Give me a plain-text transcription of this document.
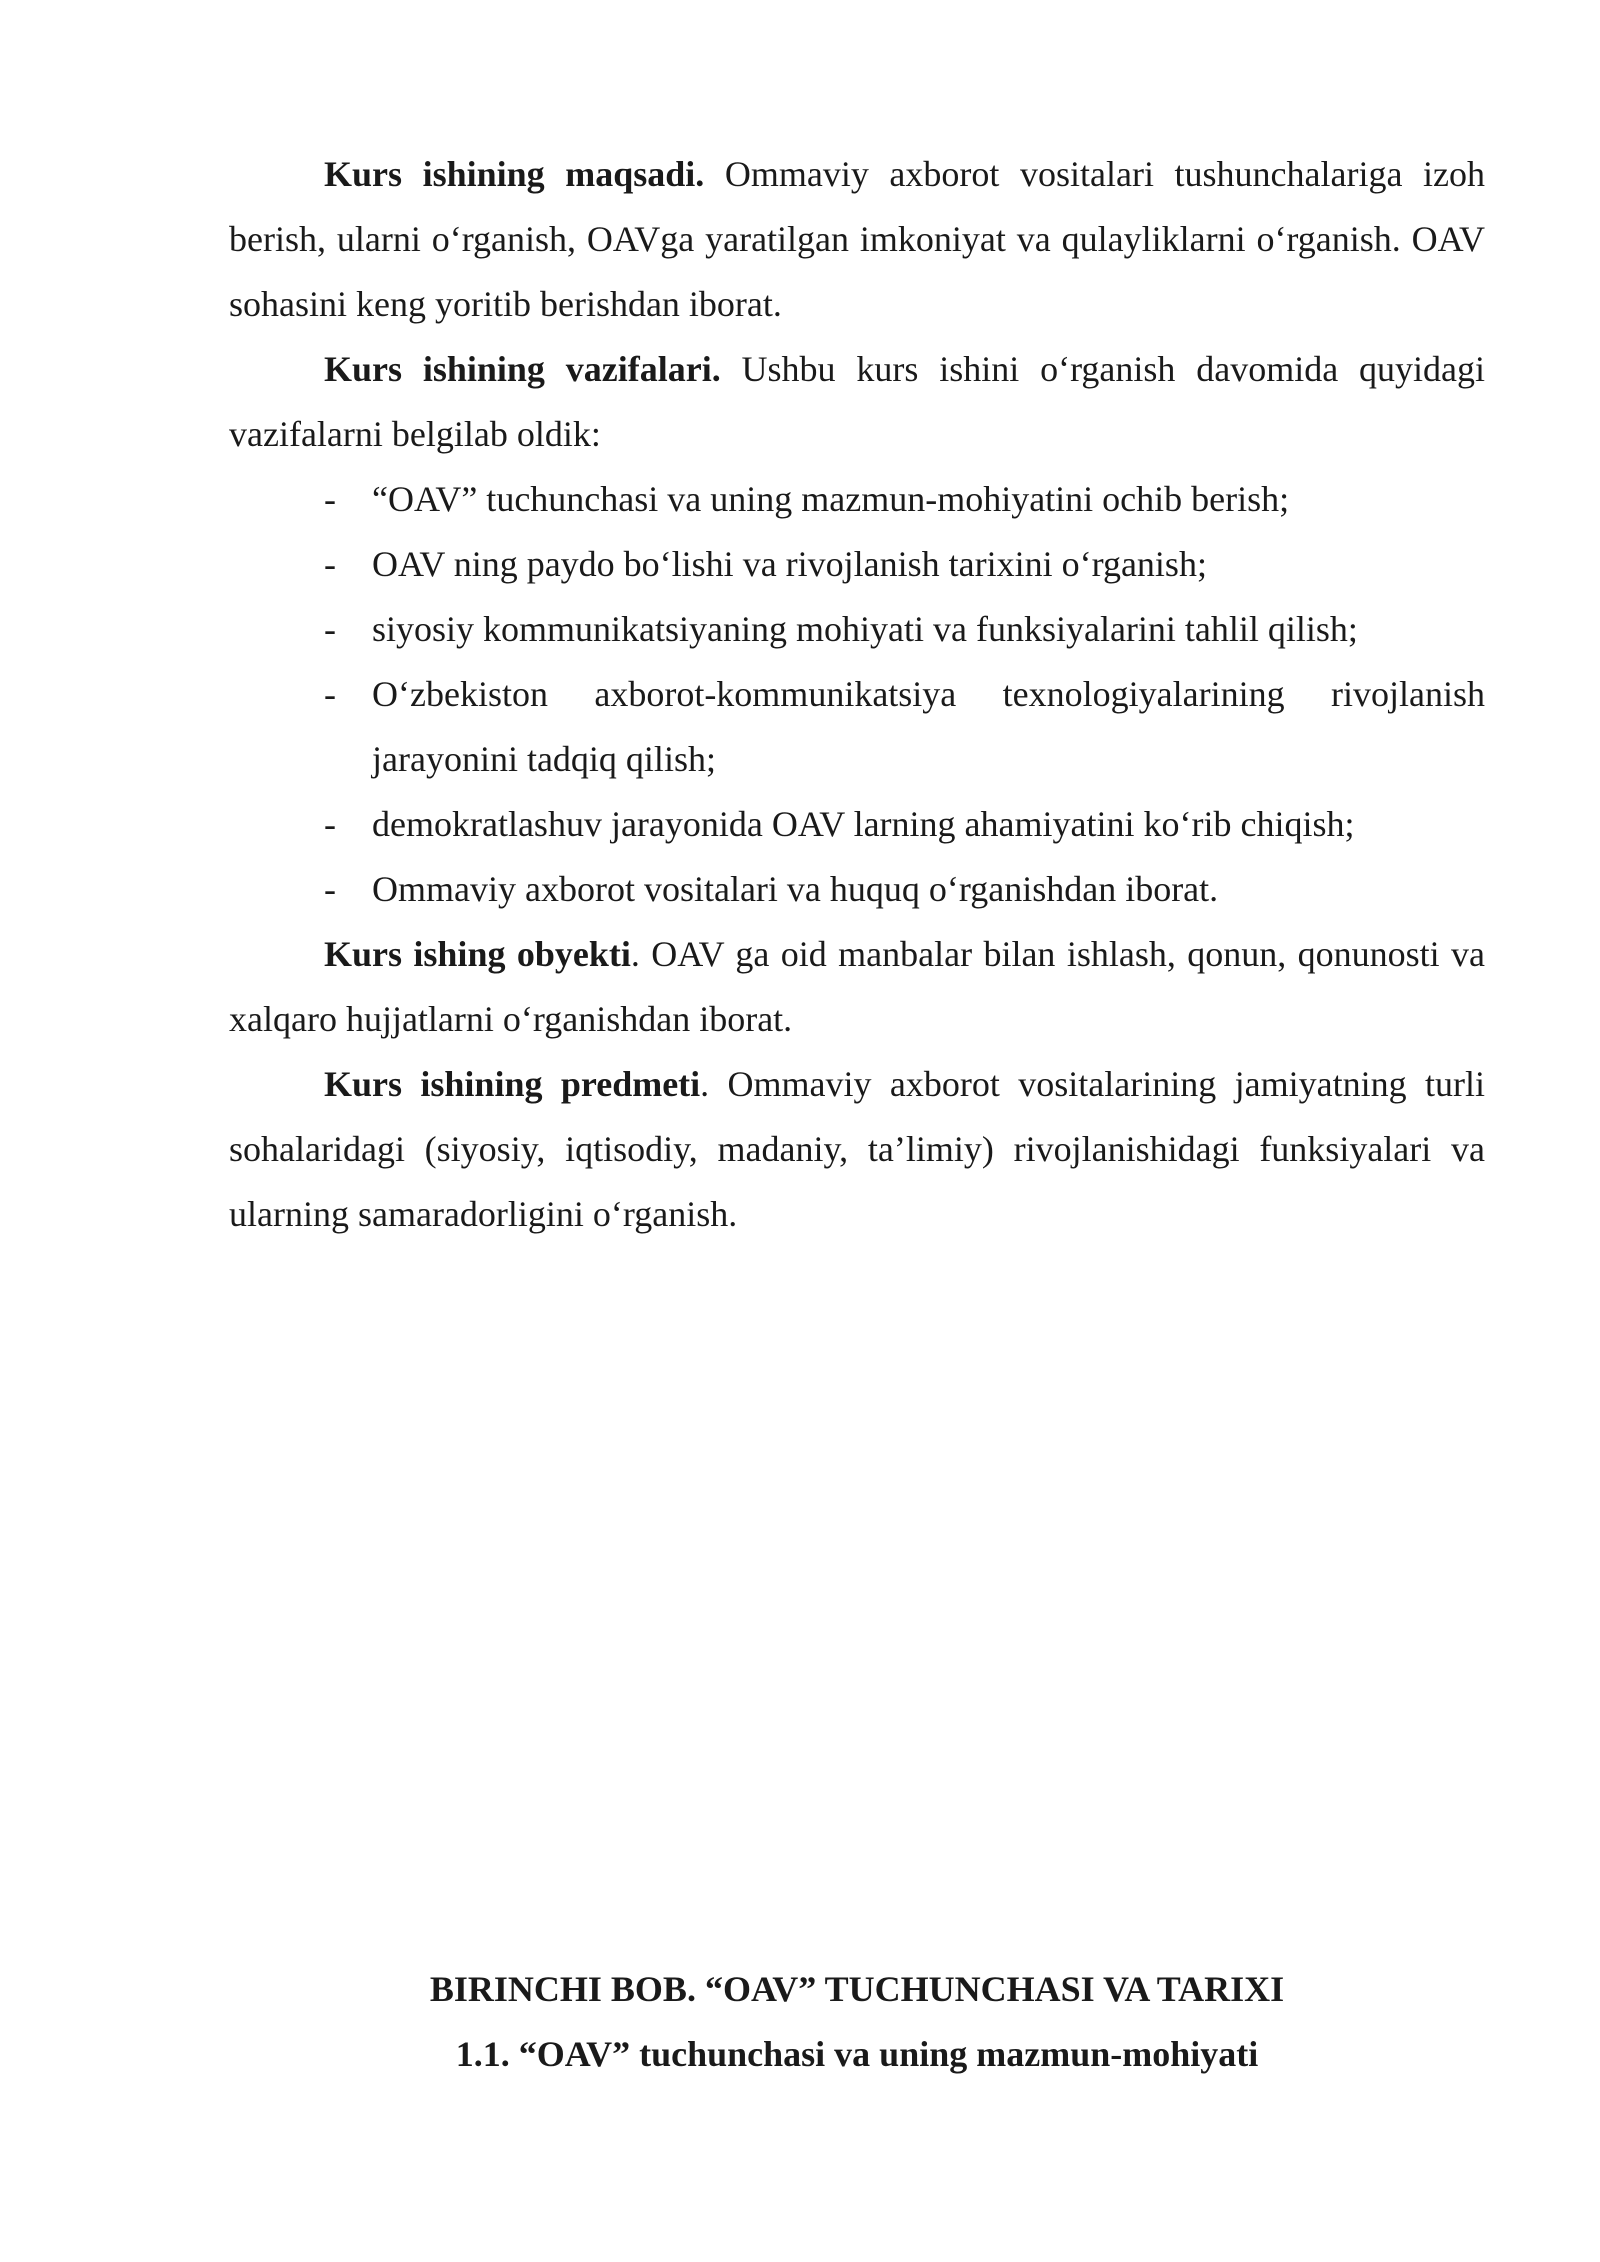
Kurs ishining maqsadi. Ommaviy axborot vositalari tushunchalariga izoh berish, ularni o‘rganish, OAVga yaratilgan imkoniyat va qulayliklarni o‘rganish. OAV sohasini keng yoritib berishdan iborat.

Kurs ishining vazifalari. Ushbu kurs ishini o‘rganish davomida quyidagi vazifalarni belgilab oldik:

- “OAV” tuchunchasi va uning mazmun-mohiyatini ochib berish;
- OAV ning paydo bo‘lishi va rivojlanish tarixini o‘rganish;
- siyosiy kommunikatsiyaning mohiyati va funksiyalarini tahlil qilish;
- O‘zbekiston axborot-kommunikatsiya texnologiyalarining rivojlanish jarayonini tadqiq qilish;
- demokratlashuv jarayonida OAV larning ahamiyatini ko‘rib chiqish;
- Ommaviy axborot vositalari va huquq o‘rganishdan iborat.

Kurs ishing obyekti. OAV ga oid manbalar bilan ishlash, qonun, qonunosti va xalqaro hujjatlarni o‘rganishdan iborat.

Kurs ishining predmeti. Ommaviy axborot vositalarining jamiyatning turli sohalaridagi (siyosiy, iqtisodiy, madaniy, ta’limiy) rivojlanishidagi funksiyalari va ularning samaradorligini o‘rganish.

BIRINCHI BOB. “OAV” TUCHUNCHASI VA TARIXI
1.1. “OAV” tuchunchasi va uning mazmun-mohiyati
